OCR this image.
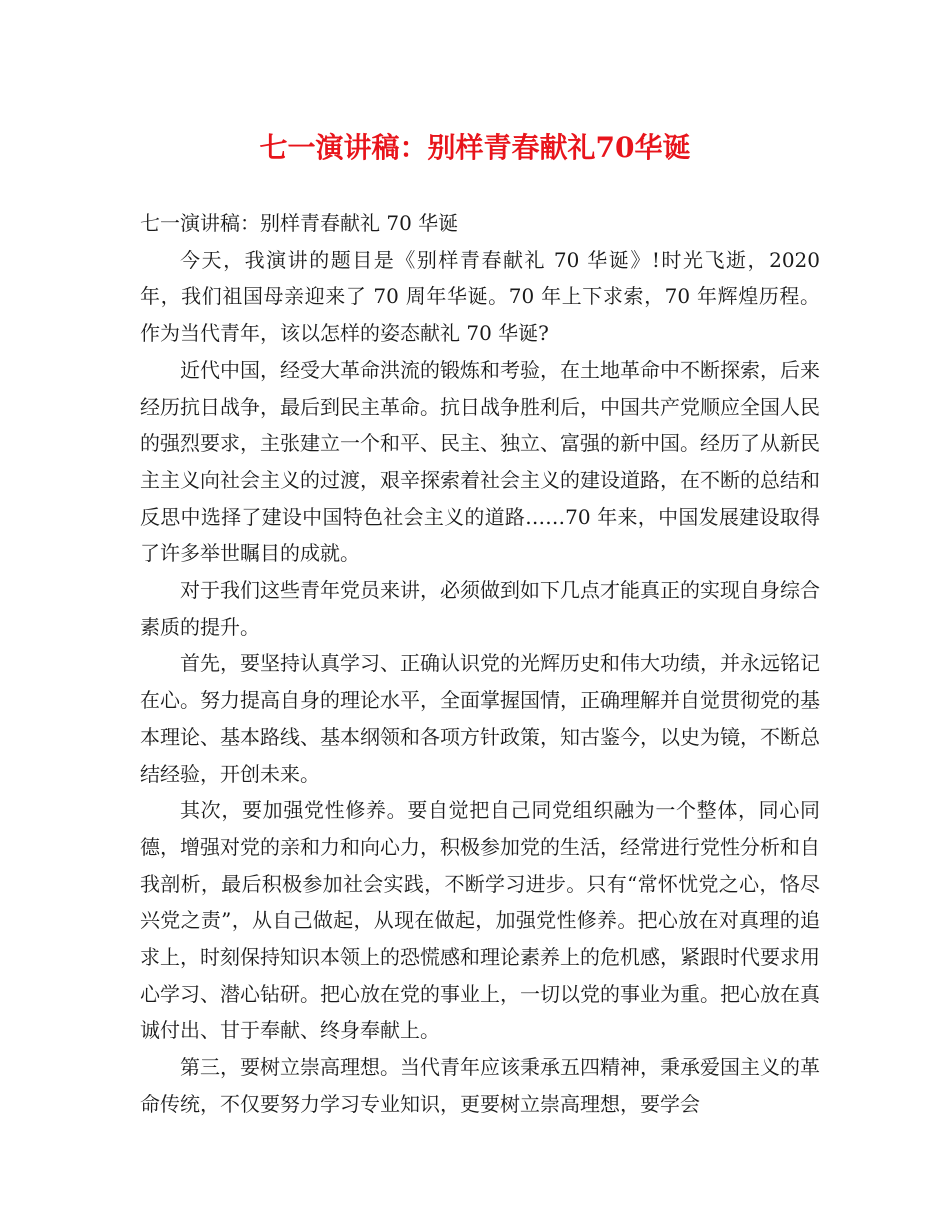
七一演讲稿：别样青春献礼70华诞

七一演讲稿：别样青春献礼 70 华诞

今天，我演讲的题目是《别样青春献礼 70 华诞》!时光飞逝，2020 年，我们祖国母亲迎来了 70 周年华诞。70 年上下求索，70 年辉煌历程。作为当代青年，该以怎样的姿态献礼 70 华诞?

近代中国，经受大革命洪流的锻炼和考验，在土地革命中不断探索，后来经历抗日战争，最后到民主革命。抗日战争胜利后，中国共产党顺应全国人民的强烈要求，主张建立一个和平、民主、独立、富强的新中国。经历了从新民主主义向社会主义的过渡，艰辛探索着社会主义的建设道路，在不断的总结和反思中选择了建设中国特色社会主义的道路……70 年来，中国发展建设取得了许多举世瞩目的成就。

对于我们这些青年党员来讲，必须做到如下几点才能真正的实现自身综合素质的提升。

首先，要坚持认真学习、正确认识党的光辉历史和伟大功绩，并永远铭记在心。努力提高自身的理论水平，全面掌握国情，正确理解并自觉贯彻党的基本理论、基本路线、基本纲领和各项方针政策，知古鉴今，以史为镜，不断总结经验，开创未来。

其次，要加强党性修养。要自觉把自己同党组织融为一个整体，同心同德，增强对党的亲和力和向心力，积极参加党的生活，经常进行党性分析和自我剖析，最后积极参加社会实践，不断学习进步。只有“常怀忧党之心，恪尽兴党之责”，从自己做起，从现在做起，加强党性修养。把心放在对真理的追求上，时刻保持知识本领上的恐慌感和理论素养上的危机感，紧跟时代要求用心学习、潜心钻研。把心放在党的事业上，一切以党的事业为重。把心放在真诚付出、甘于奉献、终身奉献上。

第三，要树立崇高理想。当代青年应该秉承五四精神，秉承爱国主义的革命传统，不仅要努力学习专业知识，更要树立崇高理想，要学会
